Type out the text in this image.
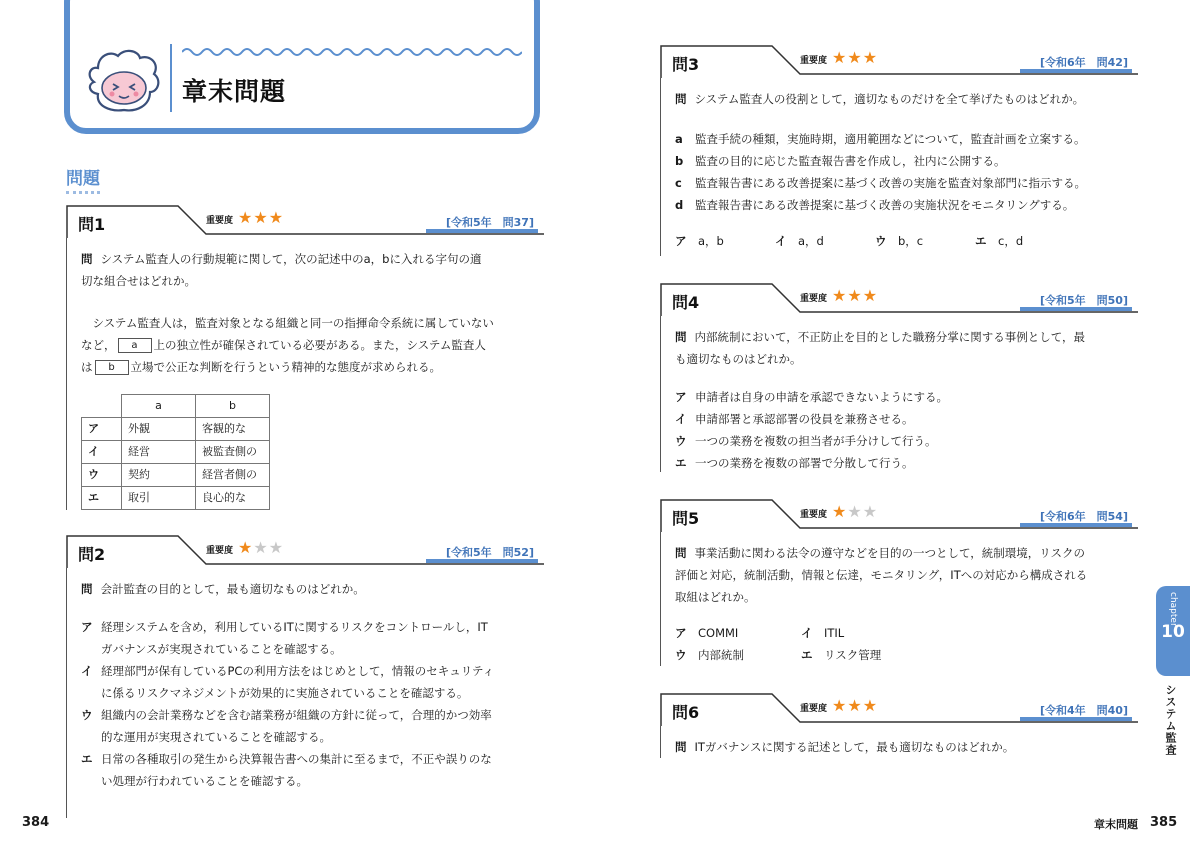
章末問題
問題
問1	重要度 ★★★	[令和5年　問37]

問 システム監査人の行動規範に関して，次の記述中のa，bに入れる字句の適

切な組合せはどれか。

　システム監査人は，監査対象となる組織と同一の指揮命令系統に属していない

など， a 上の独立性が確保されている必要がある。また，システム監査人

は b 立場で公正な判断を行うという精神的な態度が求められる。

	a	b
ア	外観	客観的な
イ	経営	被監査側の
ウ	契約	経営者側の
エ	取引	良心的な
問2	重要度 ★★★	[令和5年　問52]

問 会計監査の目的として，最も適切なものはどれか。

ア 経理システムを含め，利用しているITに関するリスクをコントロールし，IT
ガバナンスが実現されていることを確認する。
イ 経理部門が保有しているPCの利用方法をはじめとして，情報のセキュリティ
に係るリスクマネジメントが効果的に実施されていることを確認する。
ウ 組織内の会計業務などを含む諸業務が組織の方針に従って，合理的かつ効率
的な運用が実現されていることを確認する。
エ 日常の各種取引の発生から決算報告書への集計に至るまで，不正や誤りのな
い処理が行われていることを確認する。
問3	重要度 ★★★	[令和6年　問42]

問 システム監査人の役割として，適切なものだけを全て挙げたものはどれか。

a	監査手続の種類，実施時期，適用範囲などについて，監査計画を立案する。
b	監査の目的に応じた監査報告書を作成し，社内に公開する。
c	監査報告書にある改善提案に基づく改善の実施を監査対象部門に指示する。
d	監査報告書にある改善提案に基づく改善の実施状況をモニタリングする。
ア　 a，b	イ　 a，d	ウ　 b，c	エ　 c，d
問4	重要度 ★★★	[令和5年　問50]

問 内部統制において，不正防止を目的とした職務分掌に関する事例として，最

も適切なものはどれか。

ア 申請者は自身の申請を承認できないようにする。
イ 申請部署と承認部署の役員を兼務させる。
ウ 一つの業務を複数の担当者が手分けして行う。
エ 一つの業務を複数の部署で分散して行う。
問5	重要度 ★★★	[令和6年　問54]

問 事業活動に関わる法令の遵守などを目的の一つとして，統制環境，リスクの

評価と対応，統制活動，情報と伝達，モニタリング，ITへの対応から構成される

取組はどれか。

ア　 COMMI	イ　 ITIL
ウ　 内部統制	エ　 リスク管理
問6	重要度 ★★★	[令和4年　問40]

問 ITガバナンスに関する記述として，最も適切なものはどれか。

chapter
10
システム監査
384	章末問題 385
